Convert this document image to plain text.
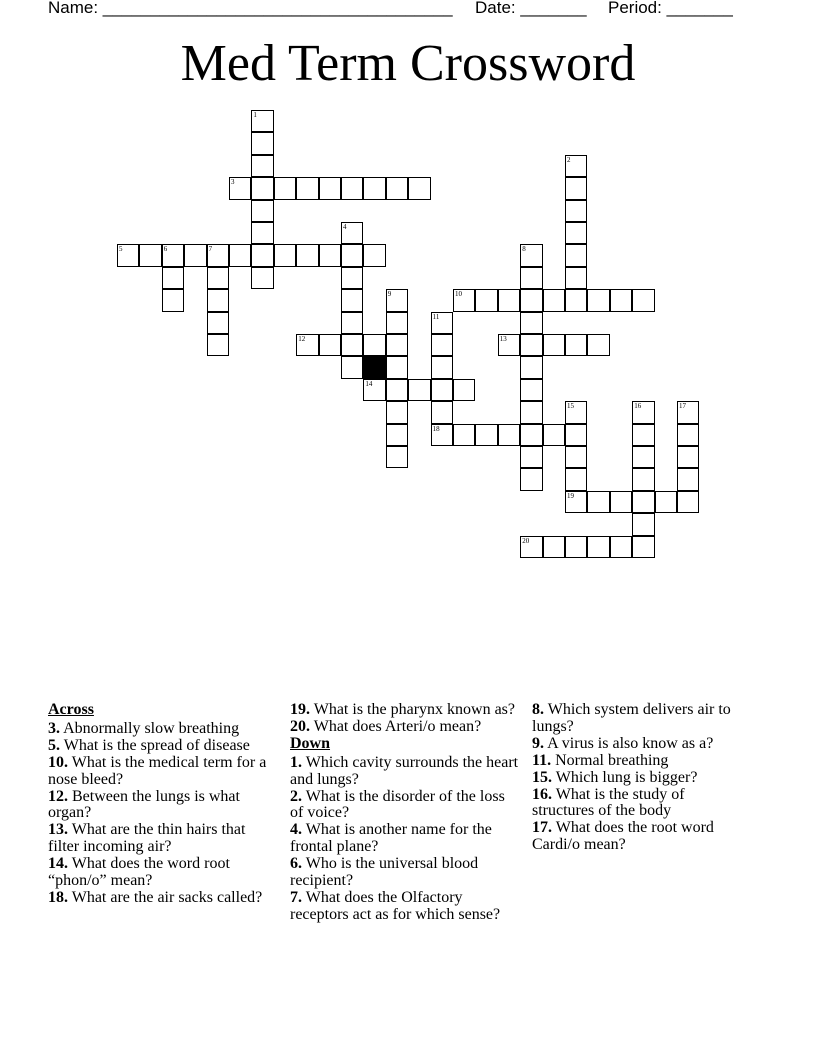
Name: _____________________________________ Date: _______ Period: _______
Med Term Crossword
1
2
3
4
5	6	7	8
9	10
11
18
12	13
14
15
19
16	17
20
Across
3. Abnormally slow breathing
5. What is the spread of disease
10. What is the medical term for a nose bleed?
12. Between the lungs is what organ?
13. What are the thin hairs that filter incoming air?
14. What does the word root “phon/o” mean?
18. What are the air sacks called?
19. What is the pharynx known as?
20. What does Arteri/o mean?
Down
1. Which cavity surrounds the heart and lungs?
2. What is the disorder of the loss of voice?
4. What is another name for the frontal plane?
6. Who is the universal blood recipient?
7. What does the Olfactory receptors act as for which sense?
8. Which system delivers air to lungs?
9. A virus is also know as a?
11. Normal breathing
15. Which lung is bigger?
16. What is the study of structures of the body
17. What does the root word Cardi/o mean?
